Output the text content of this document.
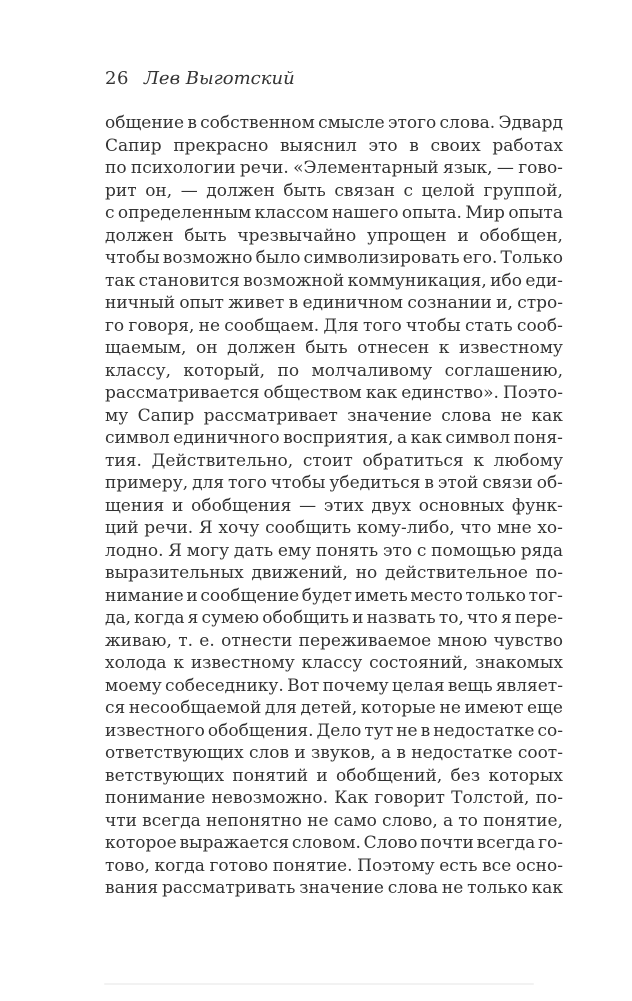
26 Лев Выготский
общение в собственном смысле этого слова. Эдвард
Сапир прекрасно выяснил это в своих работах
по психологии речи. «Элементарный язык, — гово-
рит он, — должен быть связан с целой группой,
с определенным классом нашего опыта. Мир опыта
должен быть чрезвычайно упрощен и обобщен,
чтобы возможно было символизировать его. Только
так становится возможной коммуникация, ибо еди-
ничный опыт живет в единичном сознании и, стро-
го говоря, не сообщаем. Для того чтобы стать сооб-
щаемым, он должен быть отнесен к известному
классу, который, по молчаливому соглашению,
рассматривается обществом как единство». Поэто-
му Сапир рассматривает значение слова не как
символ единичного восприятия, а как символ поня-
тия. Действительно, стоит обратиться к любому
примеру, для того чтобы убедиться в этой связи об-
щения и обобщения — этих двух основных функ-
ций речи. Я хочу сообщить кому-либо, что мне хо-
лодно. Я могу дать ему понять это с помощью ряда
выразительных движений, но действительное по-
нимание и сообщение будет иметь место только тог-
да, когда я сумею обобщить и назвать то, что я пере-
живаю, т. е. отнести переживаемое мною чувство
холода к известному классу состояний, знакомых
моему собеседнику. Вот почему целая вещь являет-
ся несообщаемой для детей, которые не имеют еще
известного обобщения. Дело тут не в недостатке со-
ответствующих слов и звуков, а в недостатке соот-
ветствующих понятий и обобщений, без которых
понимание невозможно. Как говорит Толстой, по-
чти всегда непонятно не само слово, а то понятие,
которое выражается словом. Слово почти всегда го-
тово, когда готово понятие. Поэтому есть все осно-
вания рассматривать значение слова не только как
